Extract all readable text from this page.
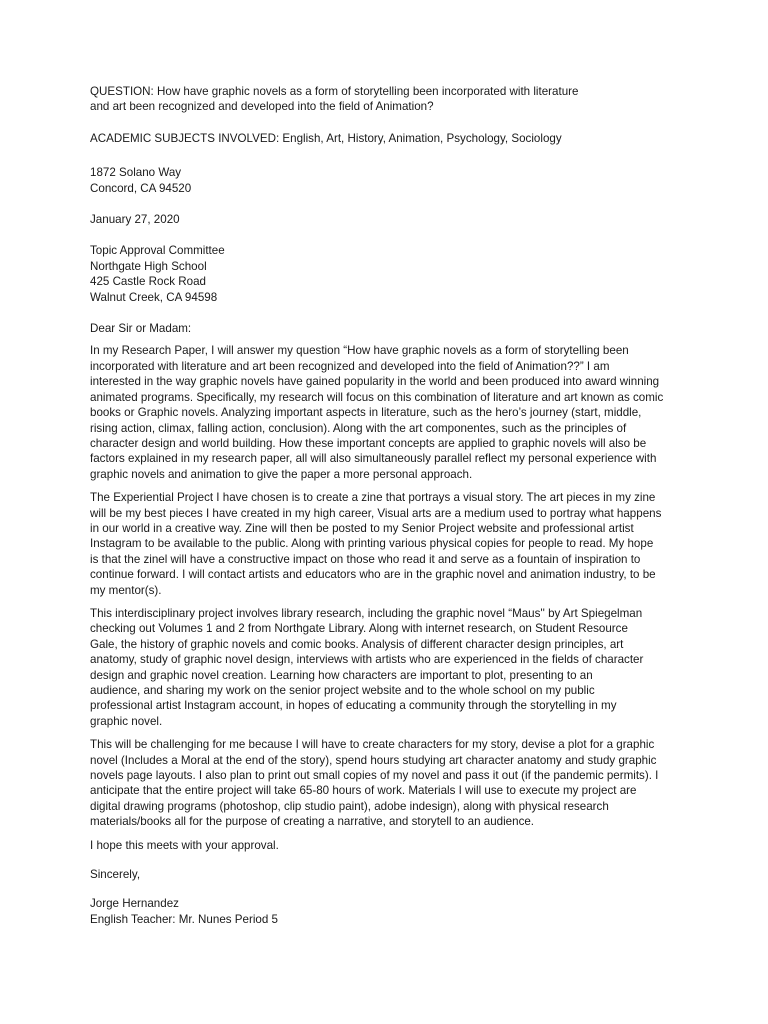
QUESTION: How have graphic novels as a form of storytelling been incorporated with literature
and art been recognized and developed into the field of Animation?
ACADEMIC SUBJECTS INVOLVED: English, Art, History, Animation, Psychology, Sociology
1872 Solano Way
Concord, CA 94520
January 27, 2020
Topic Approval Committee
Northgate High School
425 Castle Rock Road
Walnut Creek, CA 94598
Dear Sir or Madam:
In my Research Paper, I will answer my question “How have graphic novels as a form of storytelling been
incorporated with literature and art been recognized and developed into the field of Animation??” I am
interested in the way graphic novels have gained popularity in the world and been produced into award winning
animated programs. Specifically, my research will focus on this combination of literature and art known as comic
books or Graphic novels. Analyzing important aspects in literature, such as the hero’s journey (start, middle,
rising action, climax, falling action, conclusion). Along with the art componentes, such as the principles of
character design and world building. How these important concepts are applied to graphic novels will also be
factors explained in my research paper, all will also simultaneously parallel reflect my personal experience with
graphic novels and animation to give the paper a more personal approach.
The Experiential Project I have chosen is to create a zine that portrays a visual story. The art pieces in my zine
will be my best pieces I have created in my high career, Visual arts are a medium used to portray what happens
in our world in a creative way. Zine will then be posted to my Senior Project website and professional artist
Instagram to be available to the public. Along with printing various physical copies for people to read. My hope
is that the zinel will have a constructive impact on those who read it and serve as a fountain of inspiration to
continue forward. I will contact artists and educators who are in the graphic novel and animation industry, to be
my mentor(s).
This interdisciplinary project involves library research, including the graphic novel “Maus'' by Art Spiegelman
checking out Volumes 1 and 2 from Northgate Library. Along with internet research, on Student Resource
Gale, the history of graphic novels and comic books. Analysis of different character design principles, art
anatomy, study of graphic novel design, interviews with artists who are experienced in the fields of character
design and graphic novel creation. Learning how characters are important to plot, presenting to an
audience, and sharing my work on the senior project website and to the whole school on my public
professional artist Instagram account, in hopes of educating a community through the storytelling in my
graphic novel.
This will be challenging for me because I will have to create characters for my story, devise a plot for a graphic
novel (Includes a Moral at the end of the story), spend hours studying art character anatomy and study graphic
novels page layouts. I also plan to print out small copies of my novel and pass it out (if the pandemic permits). I
anticipate that the entire project will take 65-80 hours of work. Materials I will use to execute my project are
digital drawing programs (photoshop, clip studio paint), adobe indesign), along with physical research
materials/books all for the purpose of creating a narrative, and storytell to an audience.
I hope this meets with your approval.
Sincerely,
Jorge Hernandez
English Teacher: Mr. Nunes Period 5
